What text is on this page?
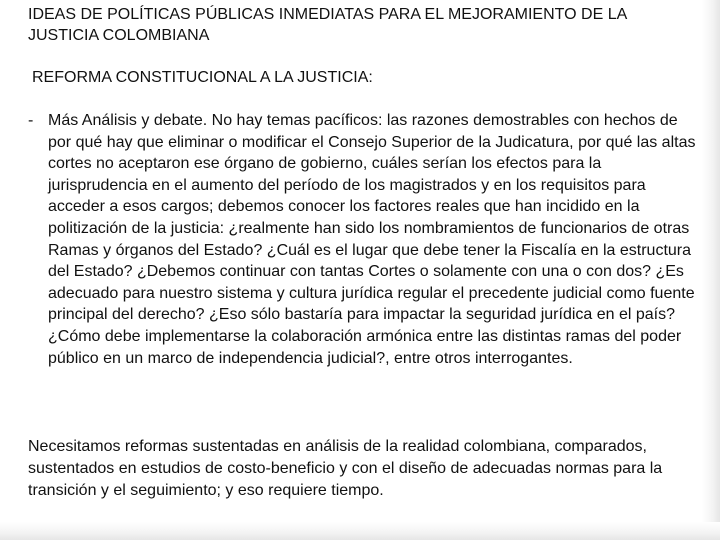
IDEAS DE POLÍTICAS PÚBLICAS INMEDIATAS PARA EL MEJORAMIENTO DE LA JUSTICIA COLOMBIANA

REFORMA CONSTITUCIONAL A LA JUSTICIA:

- Más Análisis y debate. No hay temas pacíficos: las razones demostrables con hechos de por qué hay que eliminar o modificar el Consejo Superior de la Judicatura, por qué las altas cortes no aceptaron ese órgano de gobierno, cuáles serían los efectos para la jurisprudencia en el aumento del período de los magistrados y en los requisitos para acceder a esos cargos; debemos conocer los factores reales que han incidido en la politización de la justicia: ¿realmente han sido los nombramientos de funcionarios de otras Ramas y órganos del Estado? ¿Cuál es el lugar que debe tener la Fiscalía en la estructura del Estado? ¿Debemos continuar con tantas Cortes o solamente con una o con dos? ¿Es adecuado para nuestro sistema y cultura jurídica regular el precedente judicial como fuente principal del derecho? ¿Eso sólo bastaría para impactar la seguridad jurídica en el país? ¿Cómo debe implementarse la colaboración armónica entre las distintas ramas del poder público en un marco de independencia judicial?, entre otros interrogantes.

Necesitamos reformas sustentadas en análisis de la realidad colombiana, comparados, sustentados en estudios de costo-beneficio y con el diseño de adecuadas normas para la transición y el seguimiento; y eso requiere tiempo.
